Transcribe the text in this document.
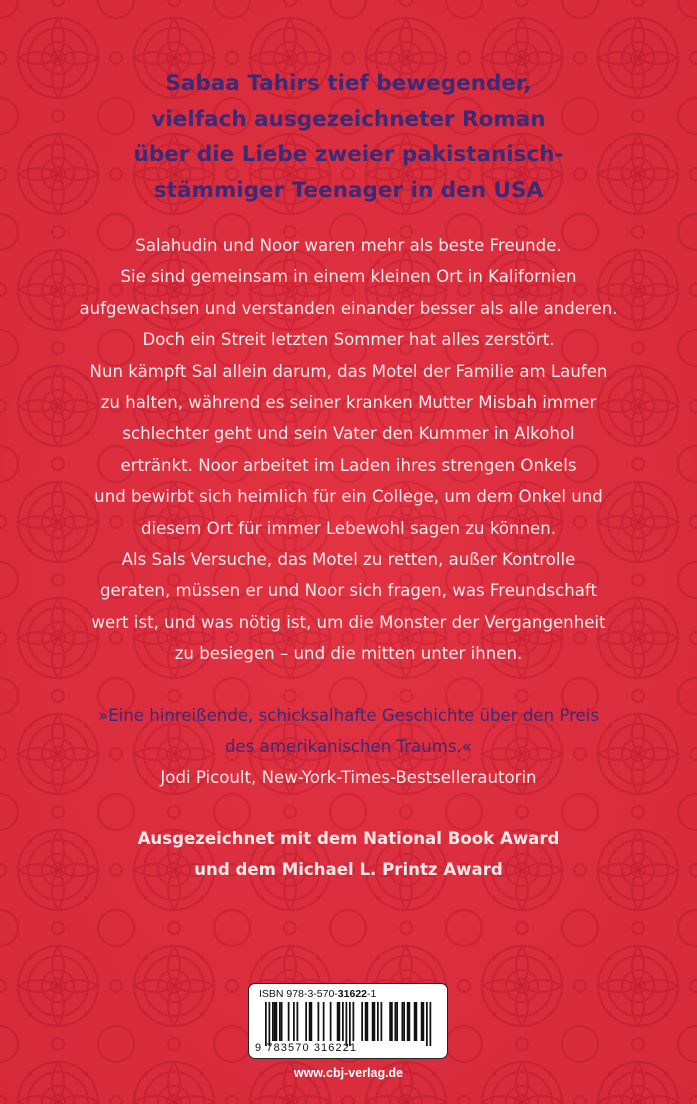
Sabaa Tahirs tief bewegender,
vielfach ausgezeichneter Roman
über die Liebe zweier pakistanisch-
stämmiger Teenager in den USA
Salahudin und Noor waren mehr als beste Freunde.
Sie sind gemeinsam in einem kleinen Ort in Kalifornien
aufgewachsen und verstanden einander besser als alle anderen.
Doch ein Streit letzten Sommer hat alles zerstört.
Nun kämpft Sal allein darum, das Motel der Familie am Laufen
zu halten, während es seiner kranken Mutter Misbah immer
schlechter geht und sein Vater den Kummer in Alkohol
ertränkt. Noor arbeitet im Laden ihres strengen Onkels
und bewirbt sich heimlich für ein College, um dem Onkel und
diesem Ort für immer Lebewohl sagen zu können.
Als Sals Versuche, das Motel zu retten, außer Kontrolle
geraten, müssen er und Noor sich fragen, was Freundschaft
wert ist, und was nötig ist, um die Monster der Vergangenheit
zu besiegen – und die mitten unter ihnen.
»Eine hinreißende, schicksalhafte Geschichte über den Preis
des amerikanischen Traums.«
Jodi Picoult, New-York-Times-Bestsellerautorin
Ausgezeichnet mit dem National Book Award
und dem Michael L. Printz Award
ISBN 978-3-570-31622-1
9 783570 316221
www.cbj-verlag.de
